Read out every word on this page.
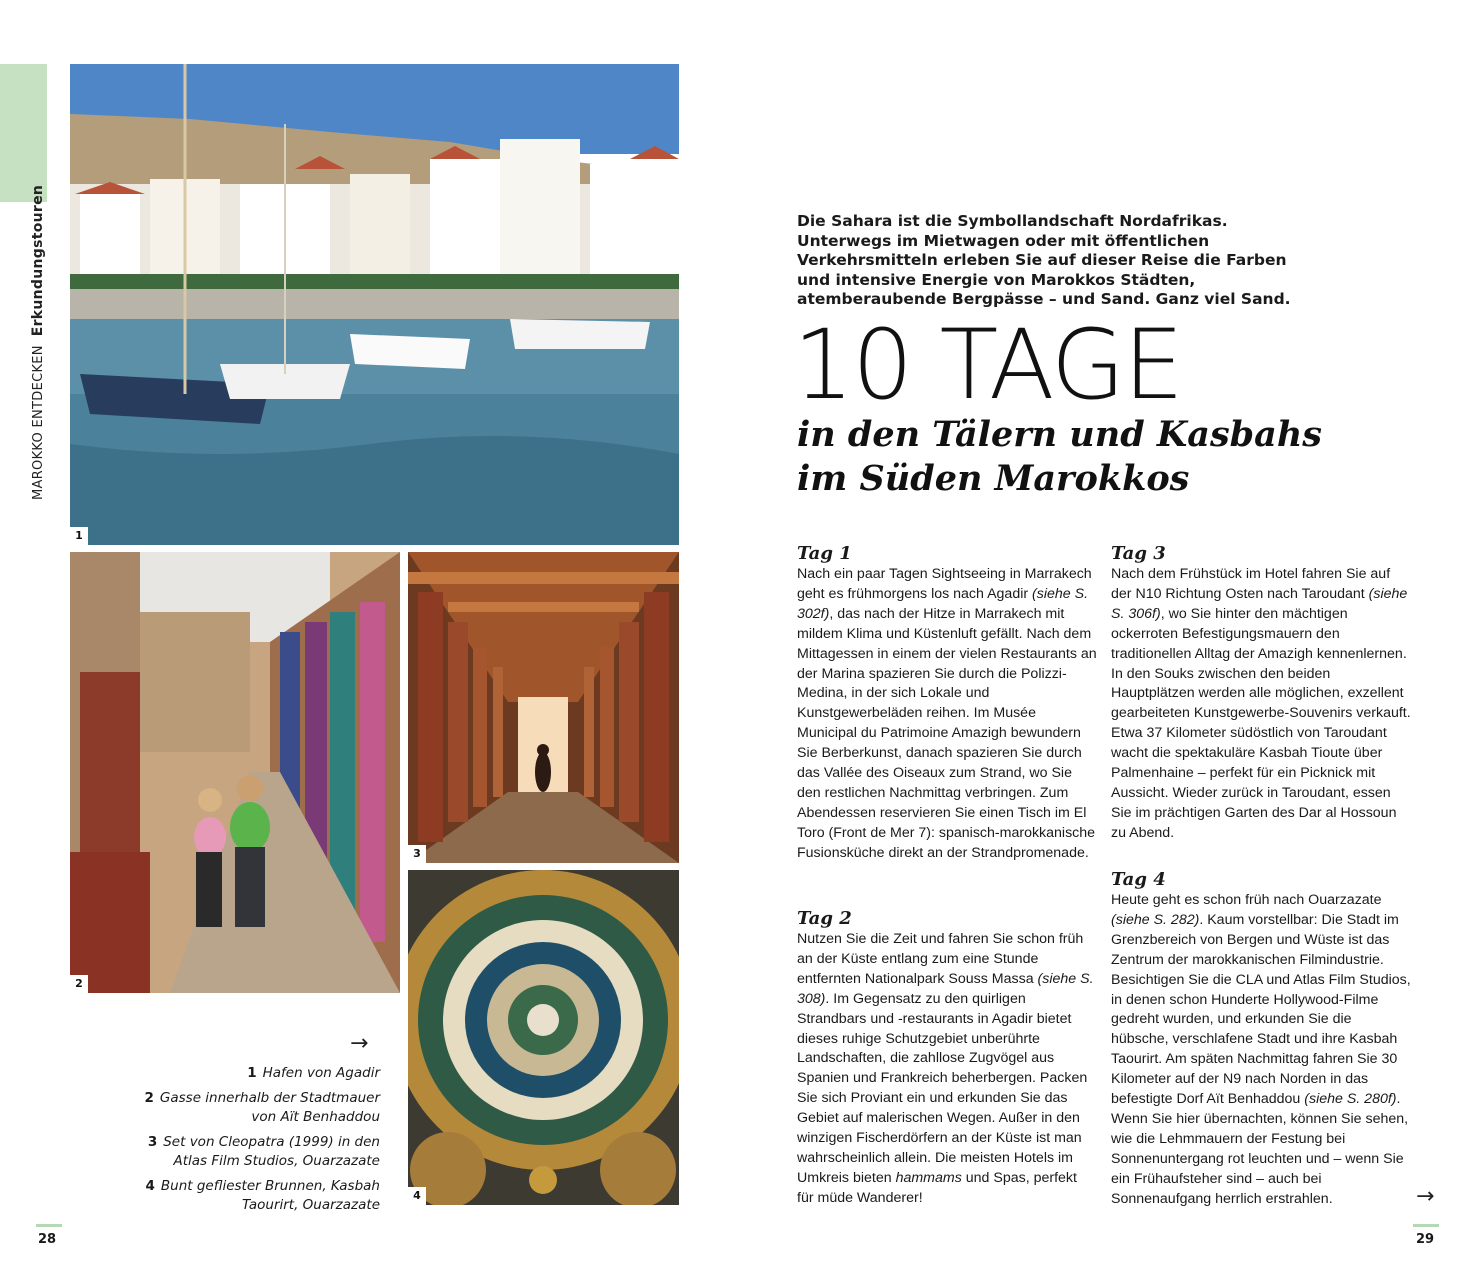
MAROKKO ENTDECKEN  Erkundungstouren
1
2
3
4
→
1 Hafen von Agadir
2 Gasse innerhalb der Stadtmauer von Aït Benhaddou
3 Set von Cleopatra (1999) in den Atlas Film Studios, Ouarzazate
4 Bunt gefliester Brunnen, Kasbah Taourirt, Ouarzazate
Die Sahara ist die Symbollandschaft Nordafrikas. Unterwegs im Mietwagen oder mit öffentlichen Verkehrsmitteln erleben Sie auf dieser Reise die Farben und intensive Energie von Marokkos Städten, atemberaubende Bergpässe – und Sand. Ganz viel Sand.
10 TAGE
in den Tälern und Kasbahs
im Süden Marokkos
Tag 1

Nach ein paar Tagen Sightseeing in Marrakech geht es frühmorgens los nach Agadir (siehe S. 302f), das nach der Hitze in Marrakech mit mildem Klima und Küstenluft gefällt. Nach dem Mittagessen in einem der vielen Restaurants an der Marina spazieren Sie durch die Polizzi-Medina, in der sich Lokale und Kunstgewerbeläden reihen. Im Musée Municipal du Patrimoine Amazigh bewundern Sie Berberkunst, danach spazieren Sie durch das Vallée des Oiseaux zum Strand, wo Sie den restlichen Nachmittag verbringen. Zum Abendessen reservieren Sie einen Tisch im El Toro (Front de Mer 7): spanisch-marokkanische Fusionsküche direkt an der Strandpromenade.

Tag 2

Nutzen Sie die Zeit und fahren Sie schon früh an der Küste entlang zum eine Stunde entfernten Nationalpark Souss Massa (siehe S. 308). Im Gegensatz zu den quirligen Strandbars und -restaurants in Agadir bietet dieses ruhige Schutzgebiet unberührte Landschaften, die zahllose Zugvögel aus Spanien und Frankreich beherbergen. Packen Sie sich Proviant ein und erkunden Sie das Gebiet auf malerischen Wegen. Außer in den winzigen Fischerdörfern an der Küste ist man wahrscheinlich allein. Die meisten Hotels im Umkreis bieten hammams und Spas, perfekt für müde Wanderer!

Tag 3

Nach dem Frühstück im Hotel fahren Sie auf der N10 Richtung Osten nach Taroudant (siehe S. 306f), wo Sie hinter den mächtigen ockerroten Befestigungsmauern den traditionellen Alltag der Amazigh kennenlernen. In den Souks zwischen den beiden Hauptplätzen werden alle möglichen, exzellent gearbeiteten Kunstgewerbe-Souvenirs verkauft. Etwa 37 Kilometer südöstlich von Taroudant wacht die spektakuläre Kasbah Tioute über Palmenhaine – perfekt für ein Picknick mit Aussicht. Wieder zurück in Taroudant, essen Sie im prächtigen Garten des Dar al Hossoun zu Abend.

Tag 4

Heute geht es schon früh nach Ouarzazate (siehe S. 282). Kaum vorstellbar: Die Stadt im Grenzbereich von Bergen und Wüste ist das Zentrum der marokkanischen Filmindustrie. Besichtigen Sie die CLA und Atlas Film Studios, in denen schon Hunderte Hollywood-Filme gedreht wurden, und erkunden Sie die hübsche, verschlafene Stadt und ihre Kasbah Taourirt. Am späten Nachmittag fahren Sie 30 Kilometer auf der N9 nach Norden in das befestigte Dorf Aït Benhaddou (siehe S. 280f). Wenn Sie hier übernachten, können Sie sehen, wie die Lehmmauern der Festung bei Sonnenuntergang rot leuchten und – wenn Sie ein Frühaufsteher sind – auch bei Sonnenaufgang herrlich erstrahlen.	→
28	29
